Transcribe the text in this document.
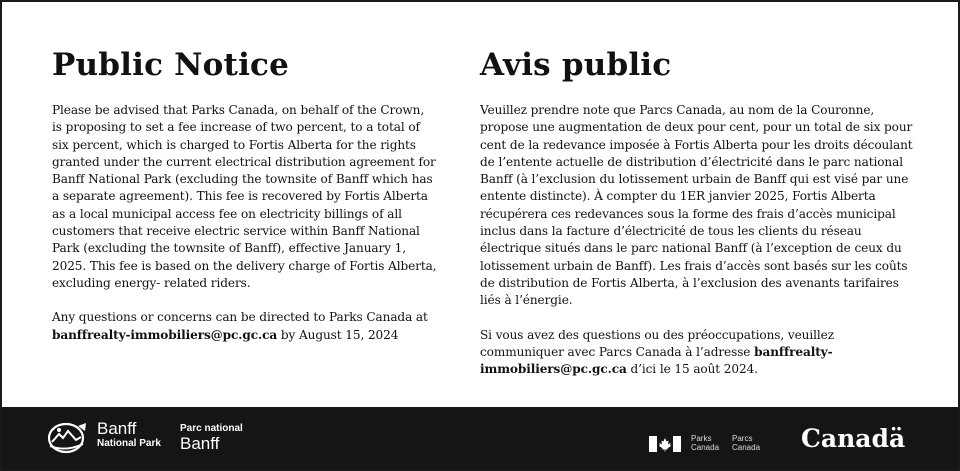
Public Notice

Please be advised that Parks Canada, on behalf of the Crown, is proposing to set a fee increase of two percent, to a total of six percent, which is charged to Fortis Alberta for the rights granted under the current electrical distribution agreement for Banff National Park (excluding the townsite of Banff which has a separate agreement). This fee is recovered by Fortis Alberta as a local municipal access fee on electricity billings of all customers that receive electric service within Banff National Park (excluding the townsite of Banff), effective January 1, 2025. This fee is based on the delivery charge of Fortis Alberta, excluding energy- related riders.

Any questions or concerns can be directed to Parks Canada at banffrealty-immobiliers@pc.gc.ca by August 15, 2024

Avis public

Veuillez prendre note que Parcs Canada, au nom de la Couronne, propose une augmentation de deux pour cent, pour un total de six pour cent de la redevance imposée à Fortis Alberta pour les droits découlant de l’entente actuelle de distribution d’électricité dans le parc national Banff (à l’exclusion du lotissement urbain de Banff qui est visé par une entente distincte). À compter du 1ER janvier 2025, Fortis Alberta récupérera ces redevances sous la forme des frais d’accès municipal inclus dans la facture d’électricité de tous les clients du réseau électrique situés dans le parc national Banff (à l’exception de ceux du lotissement urbain de Banff). Les frais d’accès sont basés sur les coûts de distribution de Fortis Alberta, à l’exclusion des avenants tarifaires liés à l’énergie.

Si vous avez des questions ou des préoccupations, veuillez communiquer avec Parcs Canada à l’adresse banffrealty-immobiliers@pc.gc.ca d’ici le 15 août 2024.

Banff
National Park
Parc national
Banff	Parks
Canada
Parcs
Canada Canadä
